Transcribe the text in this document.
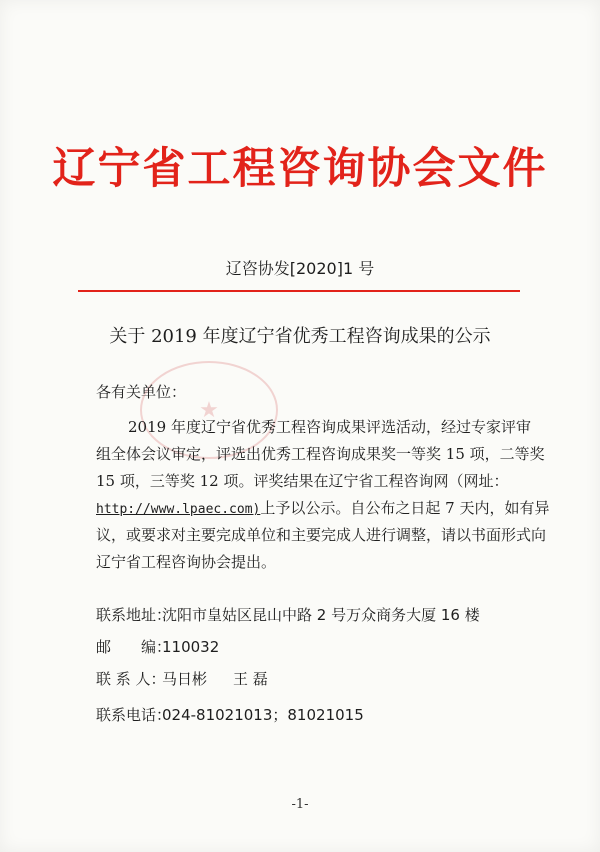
辽宁省工程咨询协会文件
辽咨协发[2020]1 号
关于 2019 年度辽宁省优秀工程咨询成果的公示
★
各有关单位：
2019 年度辽宁省优秀工程咨询成果评选活动，经过专家评审
组全体会议审定，评选出优秀工程咨询成果奖一等奖 15 项，二等奖
15 项，三等奖 12 项。评奖结果在辽宁省工程咨询网（网址：
http://www.lpaec.com)上予以公示。自公布之日起 7 天内，如有异
议，或要求对主要完成单位和主要完成人进行调整，请以书面形式向
辽宁省工程咨询协会提出。
联系地址：沈阳市皇姑区昆山中路 2 号万众商务大厦 16 楼
邮　　编：110032
联 系 人：马日彬 王 磊
联系电话：024-81021013；81021015
-1-
